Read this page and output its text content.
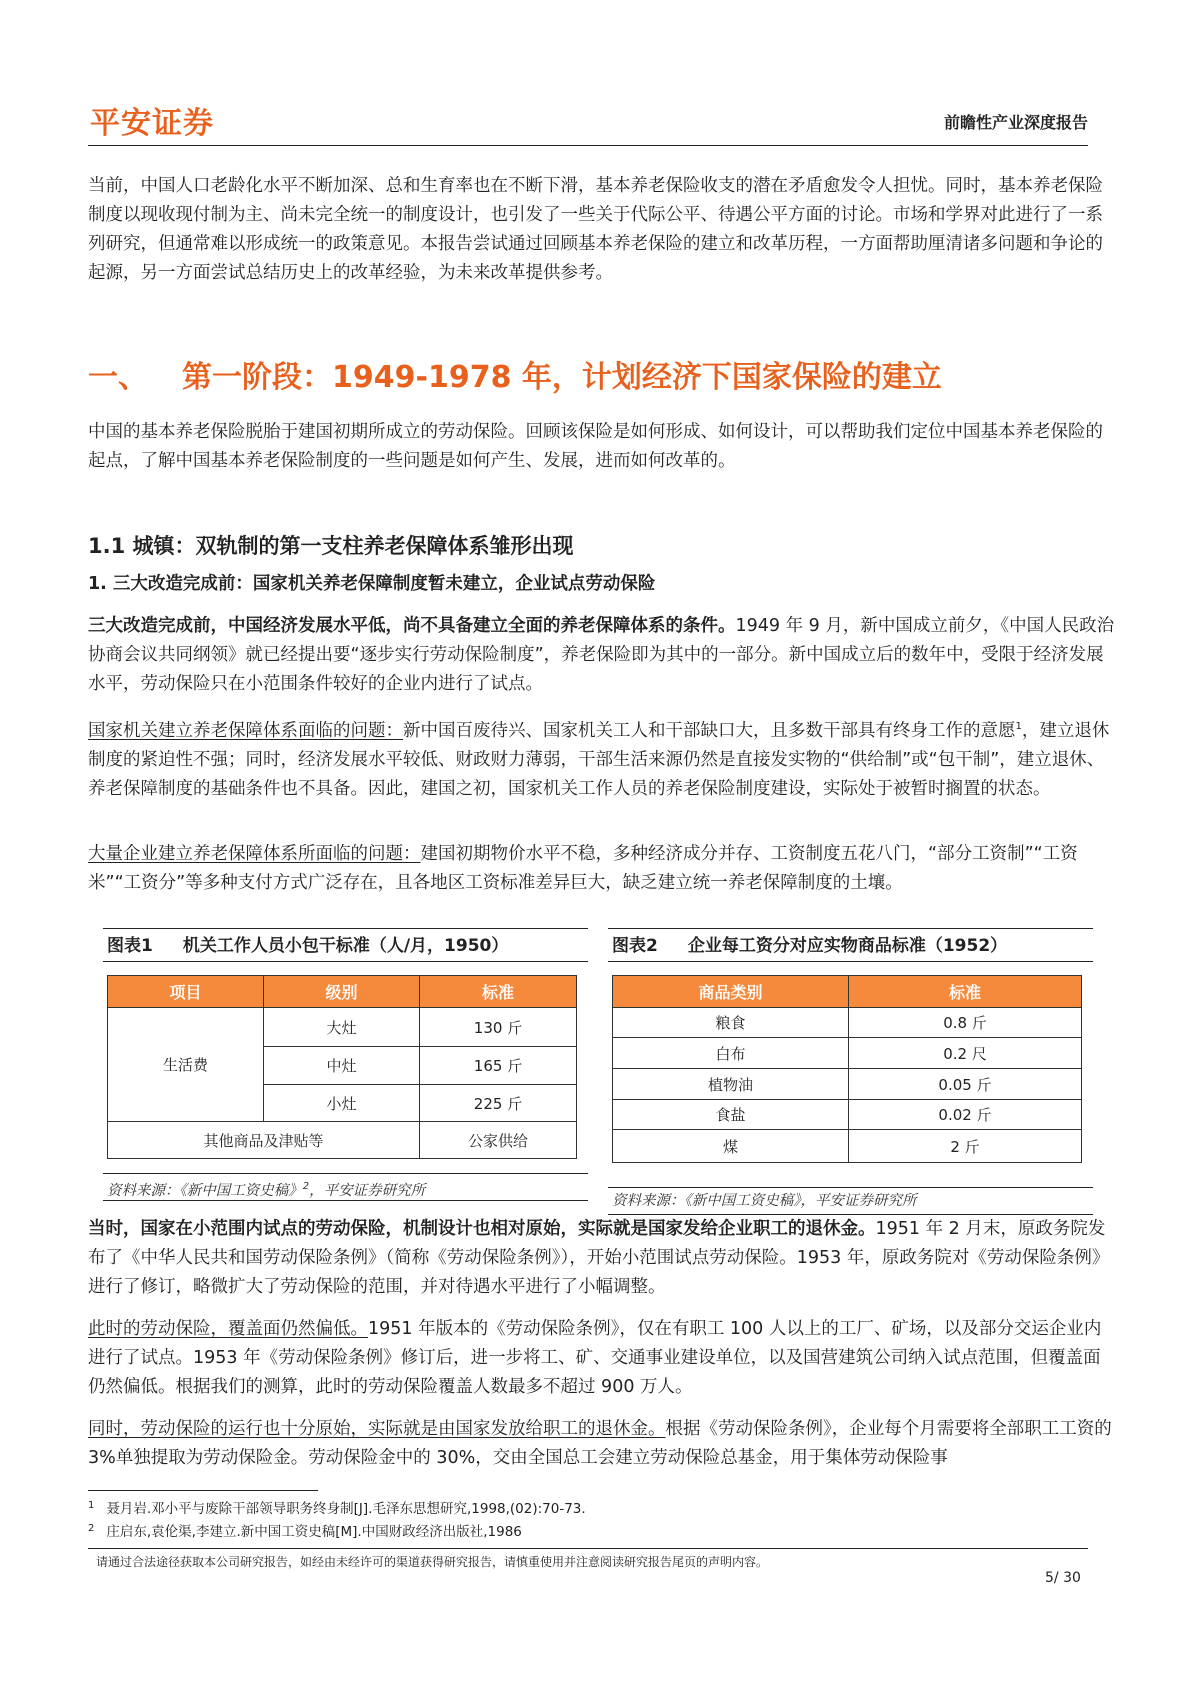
平安证券	前瞻性产业深度报告

当前，中国人口老龄化水平不断加深、总和生育率也在不断下滑，基本养老保险收支的潜在矛盾愈发令人担忧。同时，基本养老保险制度以现收现付制为主、尚未完全统一的制度设计，也引发了一些关于代际公平、待遇公平方面的讨论。市场和学界对此进行了一系列研究，但通常难以形成统一的政策意见。本报告尝试通过回顾基本养老保险的建立和改革历程，一方面帮助厘清诸多问题和争论的起源，另一方面尝试总结历史上的改革经验，为未来改革提供参考。

一、 第一阶段：1949-1978 年，计划经济下国家保险的建立

中国的基本养老保险脱胎于建国初期所成立的劳动保险。回顾该保险是如何形成、如何设计，可以帮助我们定位中国基本养老保险的起点，了解中国基本养老保险制度的一些问题是如何产生、发展，进而如何改革的。

1.1 城镇：双轨制的第一支柱养老保障体系雏形出现
1. 三大改造完成前：国家机关养老保障制度暂未建立，企业试点劳动保险

三大改造完成前，中国经济发展水平低，尚不具备建立全面的养老保障体系的条件。1949 年 9 月，新中国成立前夕，《中国人民政治协商会议共同纲领》就已经提出要“逐步实行劳动保险制度”，养老保险即为其中的一部分。新中国成立后的数年中，受限于经济发展水平，劳动保险只在小范围条件较好的企业内进行了试点。

国家机关建立养老保障体系面临的问题：新中国百废待兴、国家机关工人和干部缺口大，且多数干部具有终身工作的意愿$^1$，建立退休制度的紧迫性不强；同时，经济发展水平较低、财政财力薄弱，干部生活来源仍然是直接发实物的“供给制”或“包干制”，建立退休、养老保障制度的基础条件也不具备。因此，建国之初，国家机关工作人员的养老保险制度建设，实际处于被暂时搁置的状态。

大量企业建立养老保障体系所面临的问题：建国初期物价水平不稳，多种经济成分并存、工资制度五花八门，“部分工资制”“工资米”“工资分”等多种支付方式广泛存在，且各地区工资标准差异巨大，缺乏建立统一养老保障制度的土壤。

图表1 机关工作人员小包干标准（人/月，1950）
项目	级别	标准
生活费	大灶	130 斤
	中灶	165 斤
	小灶	225 斤
其他商品及津贴等		公家供给
资料来源：《新中国工资史稿》$^2$，平安证券研究所
图表2 企业每工资分对应实物商品标准（1952）
商品类别	标准
粮食	0.8 斤
白布	0.2 尺
植物油	0.05 斤
食盐	0.02 斤
煤	2 斤
资料来源：《新中国工资史稿》，平安证券研究所

当时，国家在小范围内试点的劳动保险，机制设计也相对原始，实际就是国家发给企业职工的退休金。1951 年 2 月末，原政务院发布了《中华人民共和国劳动保险条例》（简称《劳动保险条例》），开始小范围试点劳动保险。1953 年，原政务院对《劳动保险条例》进行了修订，略微扩大了劳动保险的范围，并对待遇水平进行了小幅调整。

此时的劳动保险，覆盖面仍然偏低。1951 年版本的《劳动保险条例》，仅在有职工 100 人以上的工厂、矿场，以及部分交运企业内进行了试点。1953 年《劳动保险条例》修订后，进一步将工、矿、交通事业建设单位，以及国营建筑公司纳入试点范围，但覆盖面仍然偏低。根据我们的测算，此时的劳动保险覆盖人数最多不超过 900 万人。

同时，劳动保险的运行也十分原始，实际就是由国家发放给职工的退休金。根据《劳动保险条例》，企业每个月需要将全部职工工资的 3%单独提取为劳动保险金。劳动保险金中的 30%，交由全国总工会建立劳动保险总基金，用于集体劳动保险事

$^1$ 聂月岩.邓小平与废除干部领导职务终身制[J].毛泽东思想研究,1998,(02):70-73.
$^2$ 庄启东,袁伦渠,李建立.新中国工资史稿[M].中国财政经济出版社,1986
请通过合法途径获取本公司研究报告，如经由未经许可的渠道获得研究报告，请慎重使用并注意阅读研究报告尾页的声明内容。
5/ 30
